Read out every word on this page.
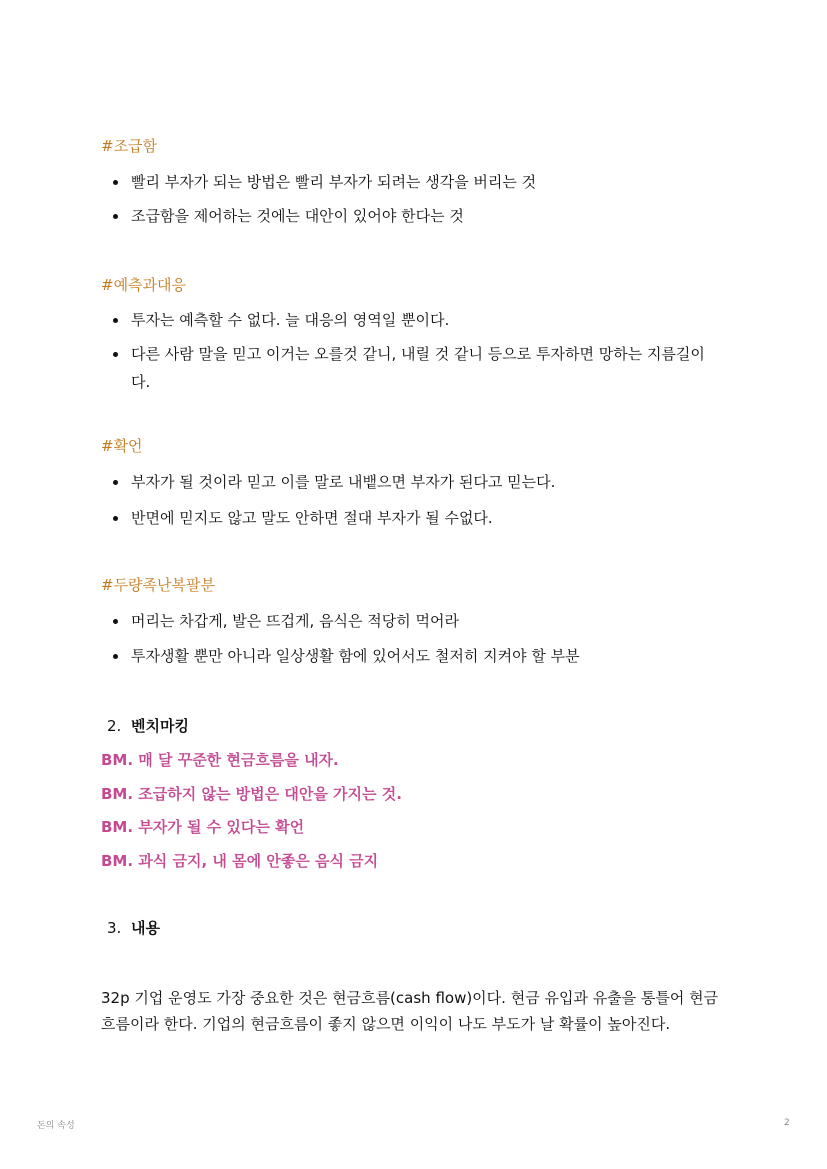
#조급함
빨리 부자가 되는 방법은 빨리 부자가 되려는 생각을 버리는 것
조급함을 제어하는 것에는 대안이 있어야 한다는 것
#예측과대응
투자는 예측할 수 없다. 늘 대응의 영역일 뿐이다.
다른 사람 말을 믿고 이거는 오를것 같니, 내릴 것 같니 등으로 투자하면 망하는 지름길이다.
#확언
부자가 될 것이라 믿고 이를 말로 내뱉으면 부자가 된다고 믿는다.
반면에 믿지도 않고 말도 안하면 절대 부자가 될 수없다.
#두량족난복팔분
머리는 차갑게, 발은 뜨겁게, 음식은 적당히 먹어라
투자생활 뿐만 아니라 일상생활 함에 있어서도 철저히 지켜야 할 부분
2. 벤치마킹
BM. 매 달 꾸준한 현금흐름을 내자.
BM. 조급하지 않는 방법은 대안을 가지는 것.
BM. 부자가 될 수 있다는 확언
BM. 과식 금지, 내 몸에 안좋은 음식 금지
3. 내용
32p 기업 운영도 가장 중요한 것은 현금흐름(cash flow)이다. 현금 유입과 유출을 통틀어 현금흐름이라 한다. 기업의 현금흐름이 좋지 않으면 이익이 나도 부도가 날 확률이 높아진다.
돈의 속성	2
